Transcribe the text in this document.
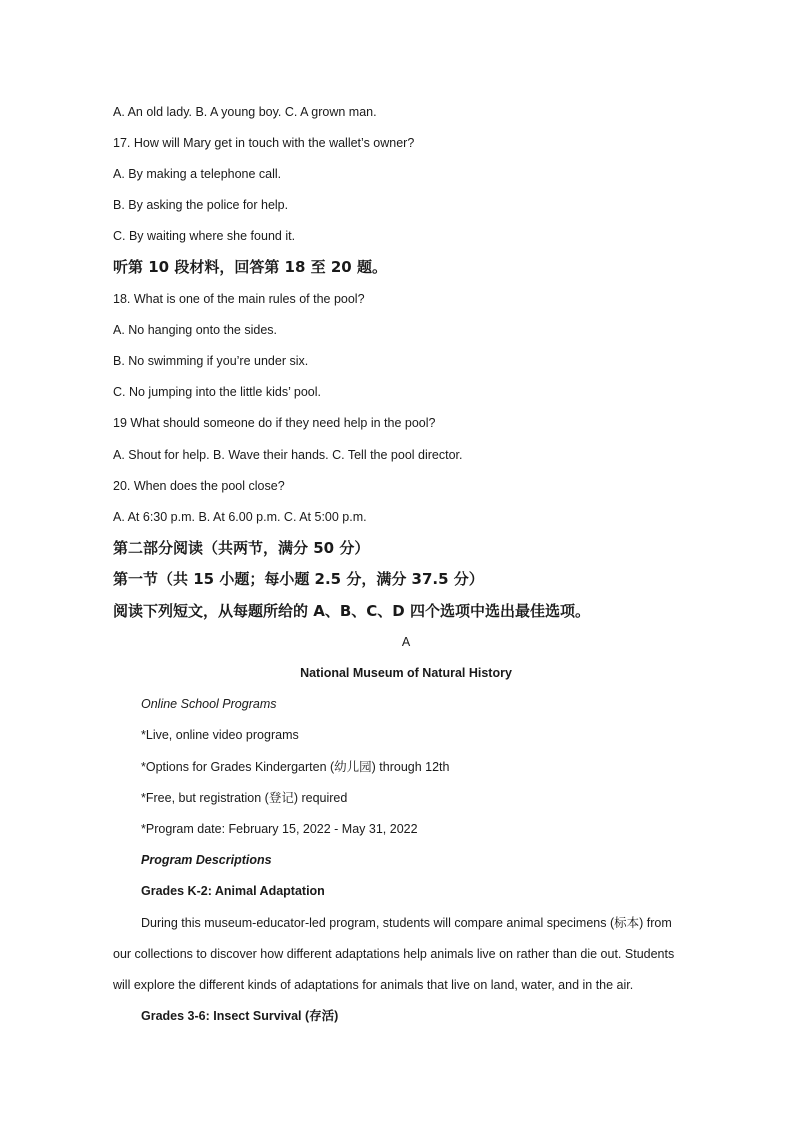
A. An old lady. B. A young boy. C. A grown man.
17. How will Mary get in touch with the wallet’s owner?
A. By making a telephone call.
B. By asking the police for help.
C. By waiting where she found it.
听第 10 段材料，回答第 18 至 20 题。
18. What is one of the main rules of the pool?
A. No hanging onto the sides.
B. No swimming if you’re under six.
C. No jumping into the little kids’ pool.
19 What should someone do if they need help in the pool?
A. Shout for help. B. Wave their hands. C. Tell the pool director.
20. When does the pool close?
A. At 6:30 p.m. B. At 6.00 p.m. C. At 5:00 p.m.
第二部分阅读（共两节，满分 50 分）
第一节（共 15 小题；每小题 2.5 分，满分 37.5 分）
阅读下列短文，从每题所给的 A、B、C、D 四个选项中选出最佳选项。
A
National Museum of Natural History
Online School Programs
*Live, online video programs
*Options for Grades Kindergarten (幼儿园) through 12th
*Free, but registration (登记) required
*Program date: February 15, 2022 - May 31, 2022
Program Descriptions
Grades K-2: Animal Adaptation
During this museum-educator-led program, students will compare animal specimens (标本) from
our collections to discover how different adaptations help animals live on rather than die out. Students
will explore the different kinds of adaptations for animals that live on land, water, and in the air.
Grades 3-6: Insect Survival (存活)
